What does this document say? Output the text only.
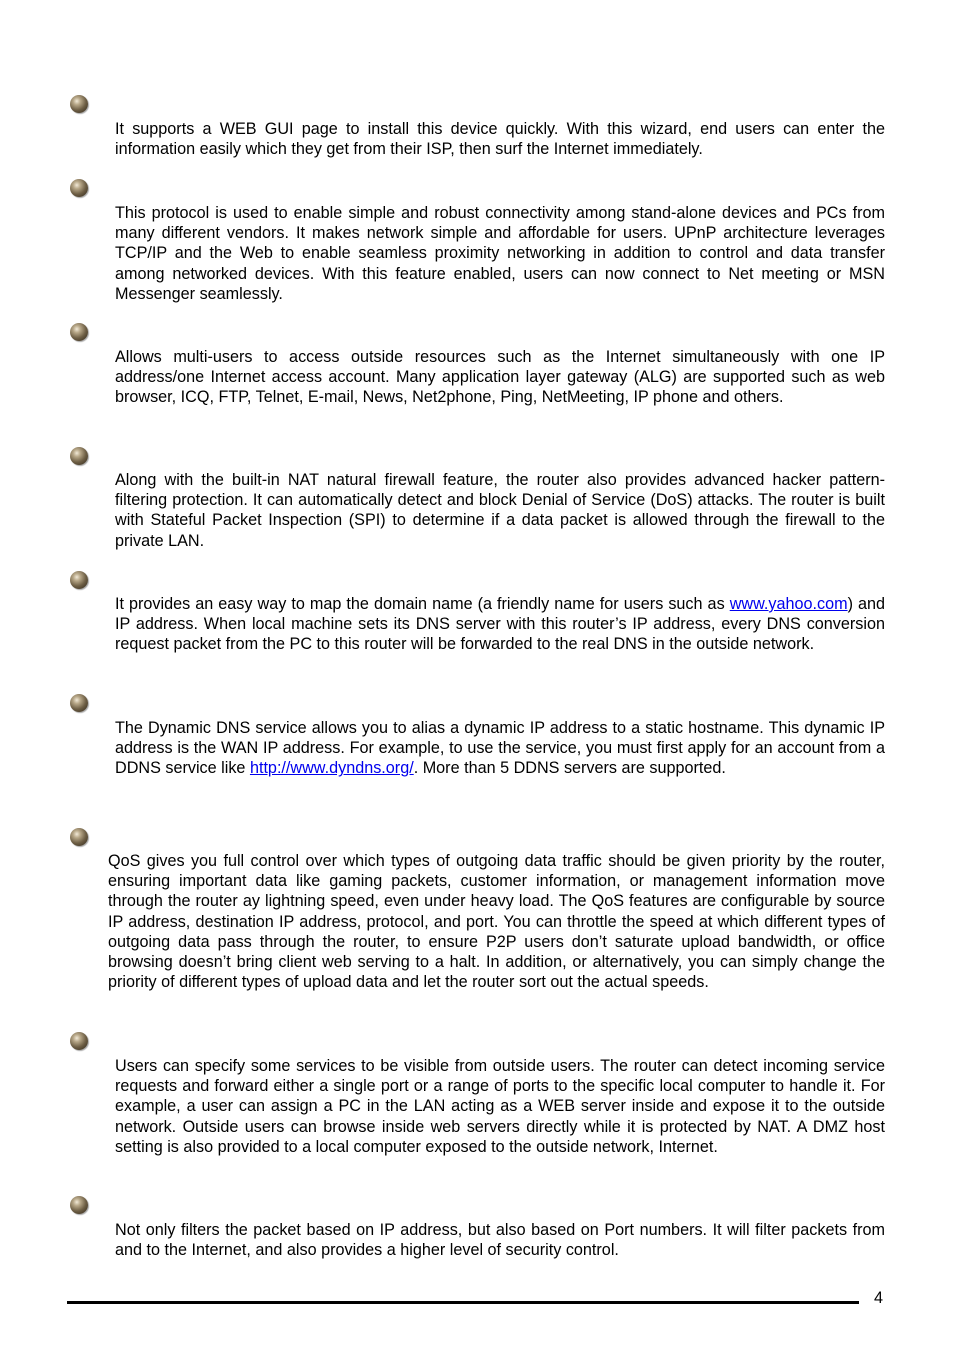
It supports a WEB GUI page to install this device quickly. With this wizard, end users can enter the information easily which they get from their ISP, then surf the Internet immediately.
This protocol is used to enable simple and robust connectivity among stand-alone devices and PCs from many different vendors. It makes network simple and affordable for users. UPnP architecture leverages TCP/IP and the Web to enable seamless proximity networking in addition to control and data transfer among networked devices. With this feature enabled, users can now connect to Net meeting or MSN Messenger seamlessly.
Allows multi-users to access outside resources such as the Internet simultaneously with one IP address/one Internet access account. Many application layer gateway (ALG) are supported such as web browser, ICQ, FTP, Telnet, E-mail, News, Net2phone, Ping, NetMeeting, IP phone and others.
Along with the built-in NAT natural firewall feature, the router also provides advanced hacker pattern-filtering protection. It can automatically detect and block Denial of Service (DoS) attacks. The router is built with Stateful Packet Inspection (SPI) to determine if a data packet is allowed through the firewall to the private LAN.
It provides an easy way to map the domain name (a friendly name for users such as www.yahoo.com) and IP address. When local machine sets its DNS server with this router’s IP address, every DNS conversion request packet from the PC to this router will be forwarded to the real DNS in the outside network.
The Dynamic DNS service allows you to alias a dynamic IP address to a static hostname. This dynamic IP address is the WAN IP address. For example, to use the service, you must first apply for an account from a DDNS service like http://www.dyndns.org/. More than 5 DDNS servers are supported.
QoS gives you full control over which types of outgoing data traffic should be given priority by the router, ensuring important data like gaming packets, customer information, or management information move through the router ay lightning speed, even under heavy load. The QoS features are configurable by source IP address, destination IP address, protocol, and port. You can throttle the speed at which different types of outgoing data pass through the router, to ensure P2P users don’t saturate upload bandwidth, or office browsing doesn’t bring client web serving to a halt. In addition, or alternatively, you can simply change the priority of different types of upload data and let the router sort out the actual speeds.
Users can specify some services to be visible from outside users. The router can detect incoming service requests and forward either a single port or a range of ports to the specific local computer to handle it. For example, a user can assign a PC in the LAN acting as a WEB server inside and expose it to the outside network. Outside users can browse inside web servers directly while it is protected by NAT. A DMZ host setting is also provided to a local computer exposed to the outside network, Internet.
Not only filters the packet based on IP address, but also based on Port numbers. It will filter packets from and to the Internet, and also provides a higher level of security control.
4
